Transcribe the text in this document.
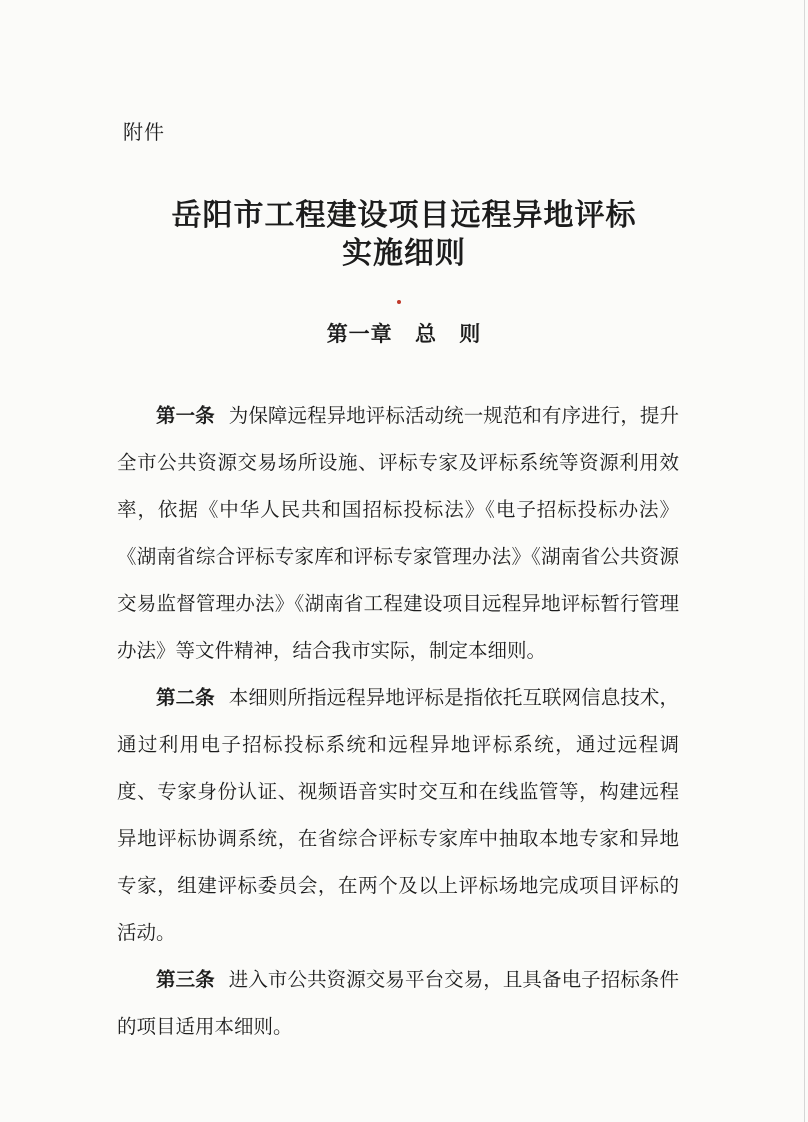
附件
岳阳市工程建设项目远程异地评标
实施细则
第一章 总 则

第一条 为保障远程异地评标活动统一规范和有序进行，提升全市公共资源交易场所设施、评标专家及评标系统等资源利用效率，依据《中华人民共和国招标投标法》《电子招标投标办法》《湖南省综合评标专家库和评标专家管理办法》《湖南省公共资源交易监督管理办法》《湖南省工程建设项目远程异地评标暂行管理办法》等文件精神，结合我市实际，制定本细则。

第二条 本细则所指远程异地评标是指依托互联网信息技术，通过利用电子招标投标系统和远程异地评标系统，通过远程调度、专家身份认证、视频语音实时交互和在线监管等，构建远程异地评标协调系统，在省综合评标专家库中抽取本地专家和异地专家，组建评标委员会，在两个及以上评标场地完成项目评标的活动。

第三条 进入市公共资源交易平台交易，且具备电子招标条件的项目适用本细则。
